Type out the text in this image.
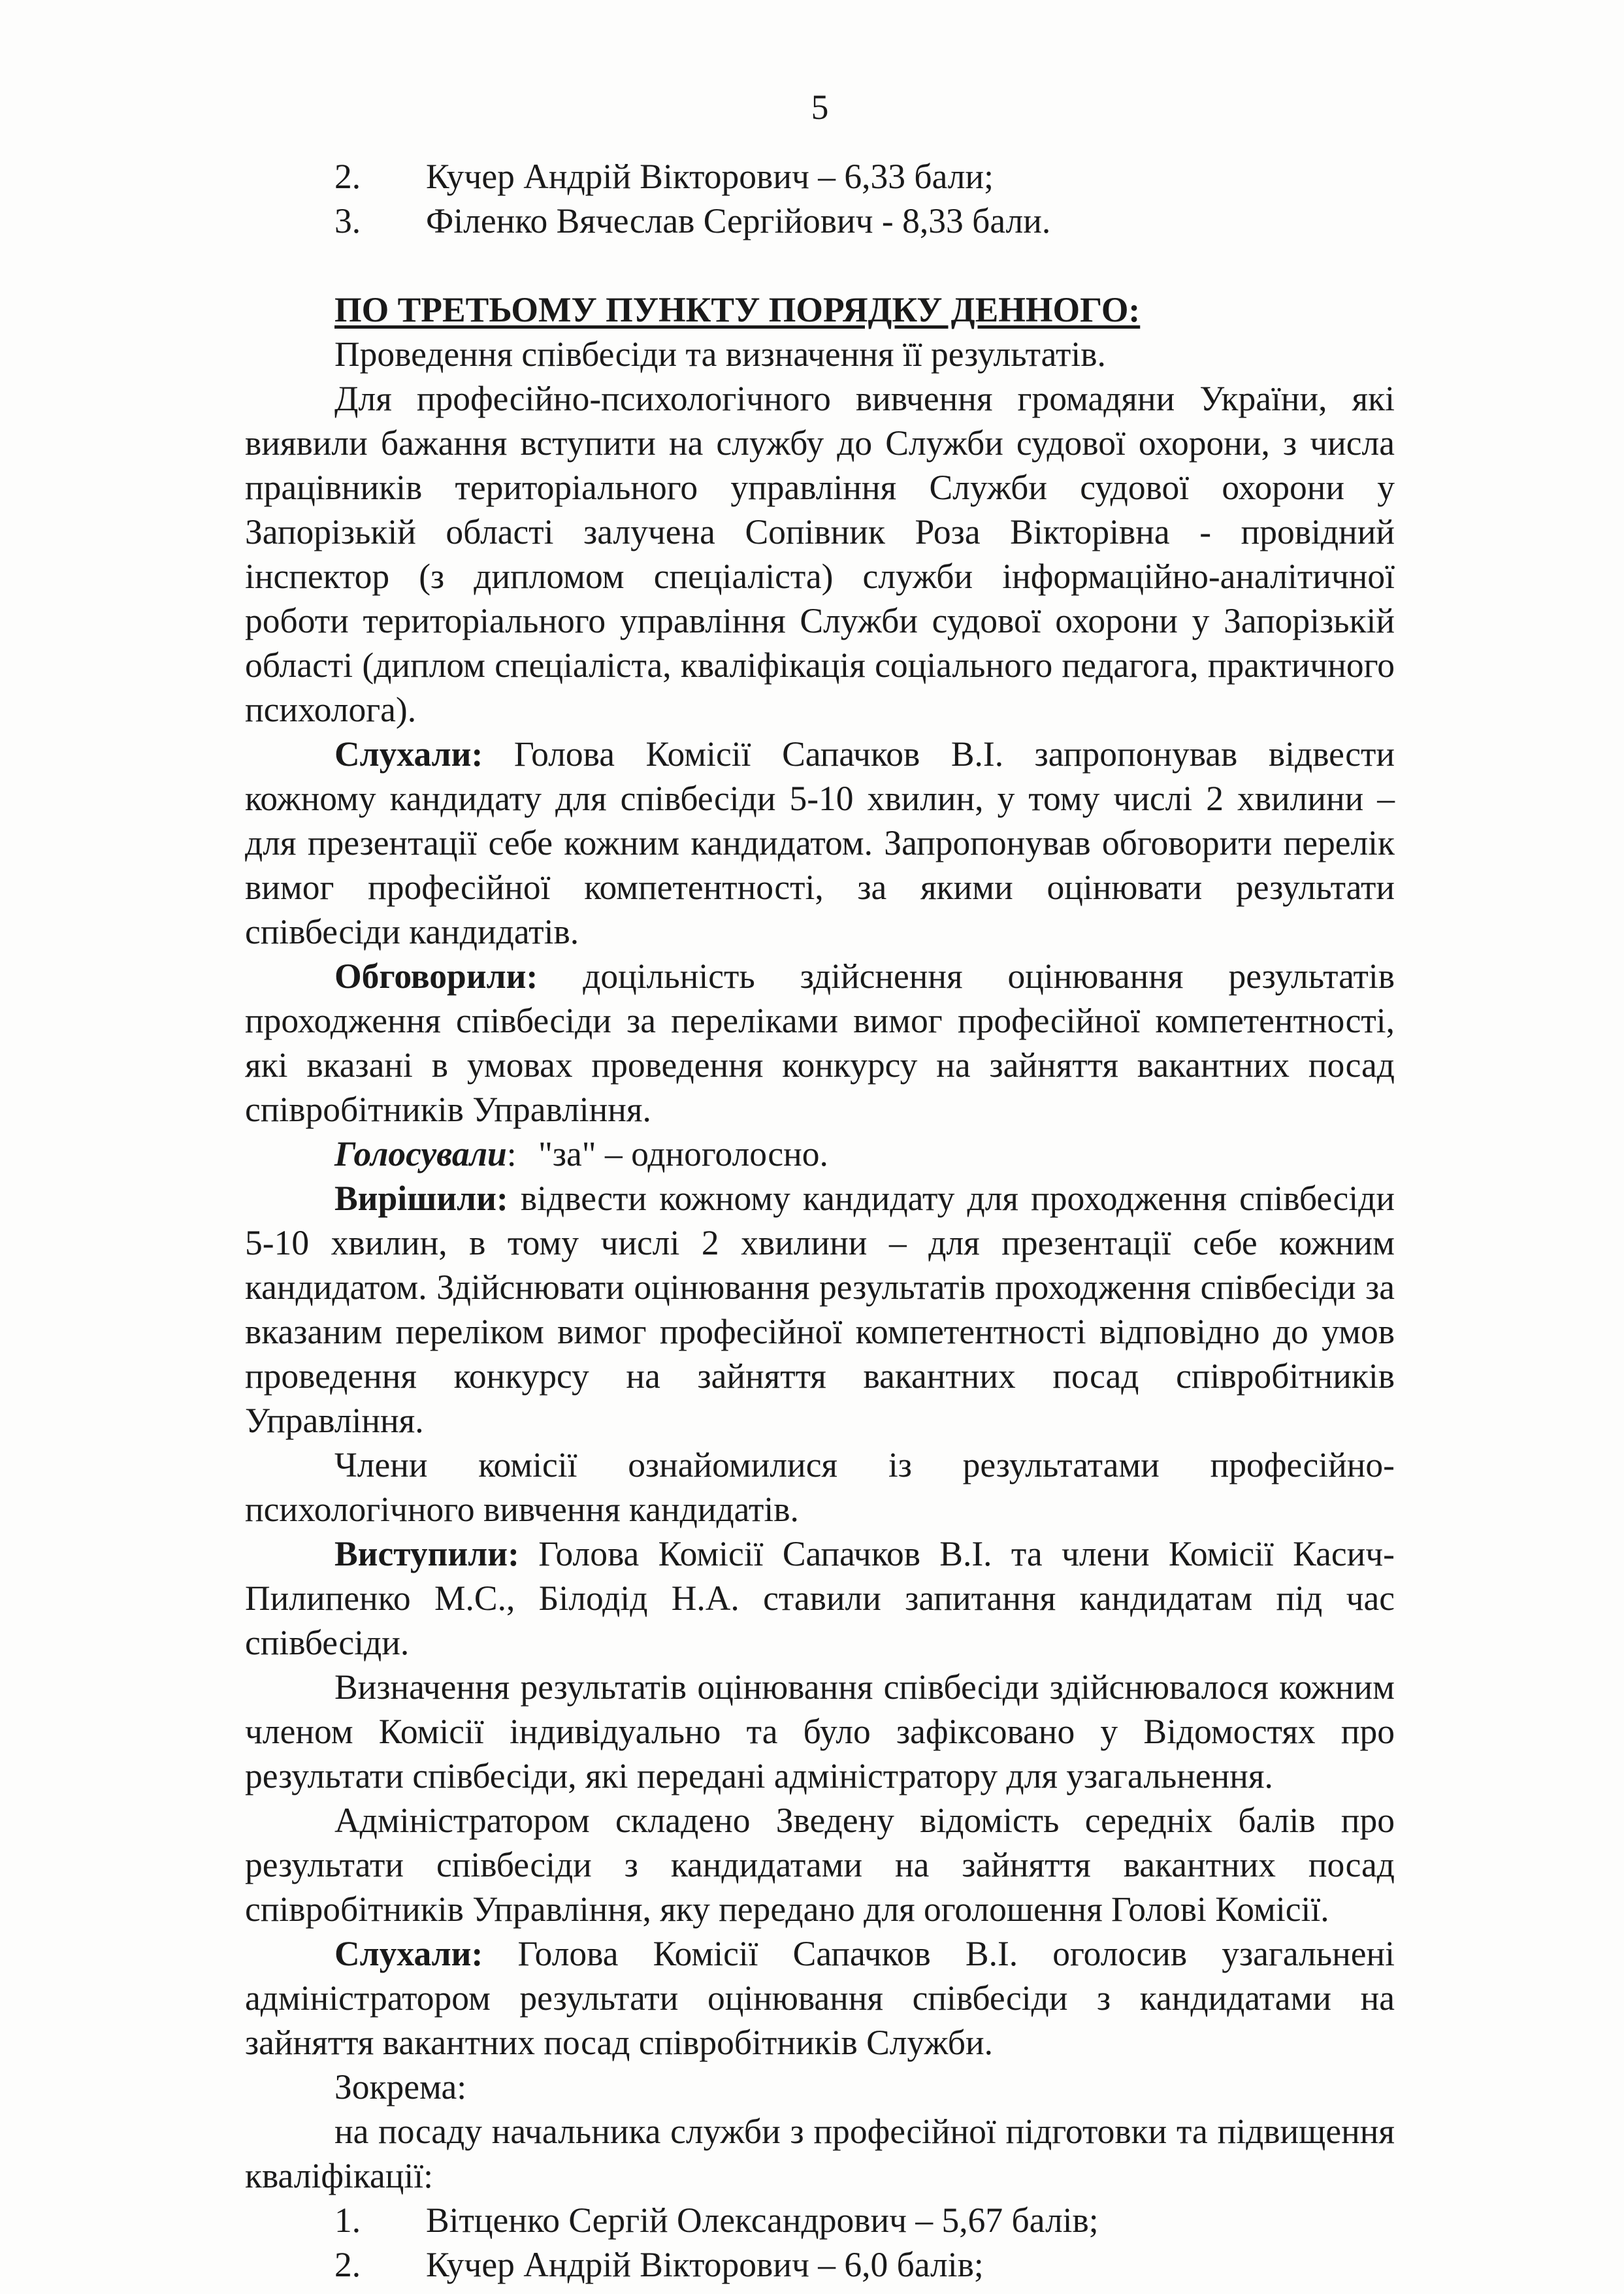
5
2.	Кучер Андрій Вікторович – 6,33 бали;
3.	Філенко Вячеслав Сергійович - 8,33 бали.
ПО ТРЕТЬОМУ ПУНКТУ ПОРЯДКУ ДЕННОГО:

Проведення співбесіди та визначення її результатів.

Для професійно-психологічного вивчення громадяни України, які виявили бажання вступити на службу до Служби судової охорони, з числа працівників територіального управління Служби судової охорони у Запорізькій області залучена Сопівник Роза Вікторівна - провідний інспектор (з дипломом спеціаліста) служби інформаційно-аналітичної роботи територіального управління Служби судової охорони у Запорізькій області (диплом спеціаліста, кваліфікація соціального педагога, практичного психолога).

Слухали: Голова Комісії Сапачков В.І. запропонував відвести кожному кандидату для співбесіди 5-10 хвилин, у тому числі 2 хвилини – для презентації себе кожним кандидатом. Запропонував обговорити перелік вимог професійної компетентності, за якими оцінювати результати співбесіди кандидатів.

Обговорили: доцільність здійснення оцінювання результатів проходження співбесіди за переліками вимог професійної компетентності, які вказані в умовах проведення конкурсу на зайняття вакантних посад співробітників Управління.

Голосували: "за" – одноголосно.

Вирішили: відвести кожному кандидату для проходження співбесіди 5-10 хвилин, в тому числі 2 хвилини – для презентації себе кожним кандидатом. Здійснювати оцінювання результатів проходження співбесіди за вказаним переліком вимог професійної компетентності відповідно до умов проведення конкурсу на зайняття вакантних посад співробітників Управління.

Члени комісії ознайомилися із результатами професійно-психологічного вивчення кандидатів.

Виступили: Голова Комісії Сапачков В.І. та члени Комісії Касич-Пилипенко М.С., Білодід Н.А. ставили запитання кандидатам під час співбесіди.

Визначення результатів оцінювання співбесіди здійснювалося кожним членом Комісії індивідуально та було зафіксовано у Відомостях про результати співбесіди, які передані адміністратору для узагальнення.

Адміністратором складено Зведену відомість середніх балів про результати співбесіди з кандидатами на зайняття вакантних посад співробітників Управління, яку передано для оголошення Голові Комісії.

Слухали: Голова Комісії Сапачков В.І. оголосив узагальнені адміністратором результати оцінювання співбесіди з кандидатами на зайняття вакантних посад співробітників Служби.

Зокрема:

на посаду начальника служби з професійної підготовки та підвищення кваліфікації:

1.	Вітценко Сергій Олександрович – 5,67 балів;
2.	Кучер Андрій Вікторович – 6,0 балів;
